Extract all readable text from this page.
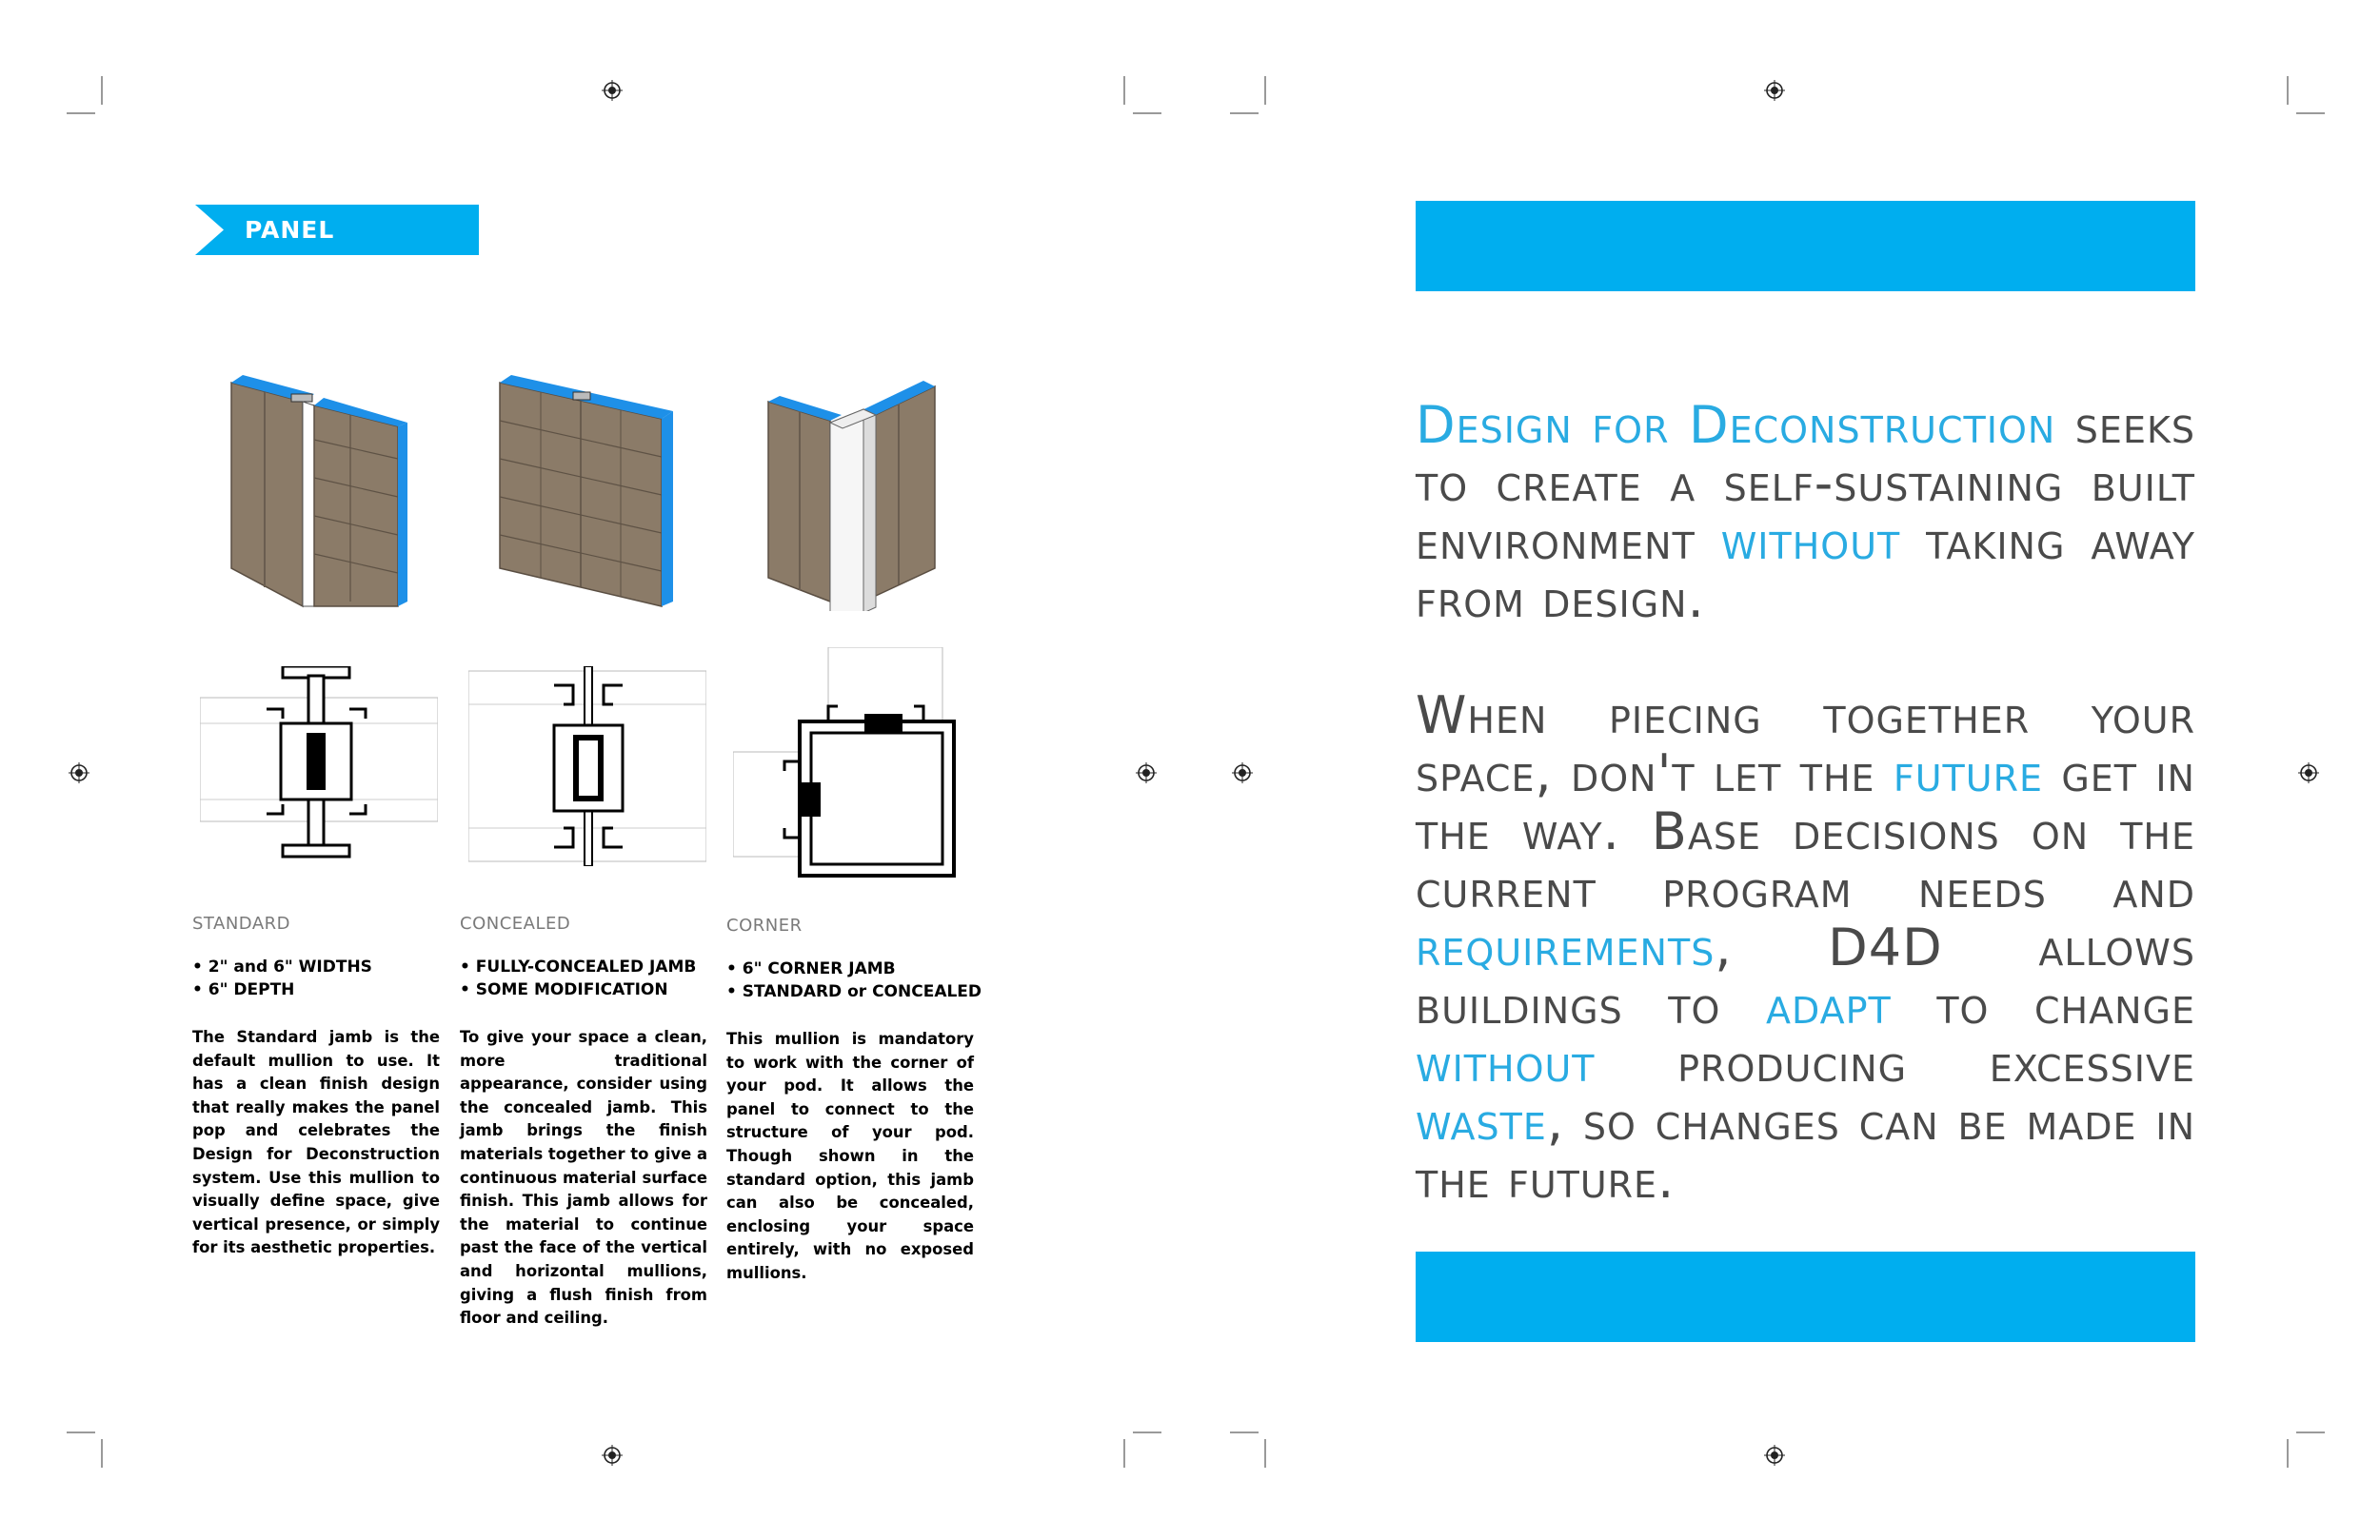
PANEL MULLIONS
STANDARD
• 2" and 6" WIDTHS
• 6" DEPTH

The Standard jamb is the default mullion to use. It has a clean finish design that really makes the panel pop and celebrates the Design for Deconstruction system. Use this mullion to visually define space, give vertical presence, or simply for its aesthetic properties.

CONCEALED
• FULLY-CONCEALED JAMB
• SOME MODIFICATION

To give your space a clean, more traditional appearance, consider using the concealed jamb. This jamb brings the finish materials together to give a continuous material surface finish. This jamb allows for the material to continue past the face of the vertical and horizontal mullions, giving a flush finish from floor and ceiling.

CORNER
• 6" CORNER JAMB
• STANDARD or CONCEALED

This mullion is mandatory to work with the corner of your pod. It allows the panel to connect to the structure of your pod. Though shown in the standard option, this jamb can also be concealed, enclosing your space entirely, with no exposed mullions.

Design for Deconstruction seeks to create a self-sustaining built environment without taking away from design.

When piecing together your space, don't let the future get in the way. Base decisions on the current program needs and requirements, D4D allows buildings to adapt to change without producing excessive waste, so changes can be made in the future.
